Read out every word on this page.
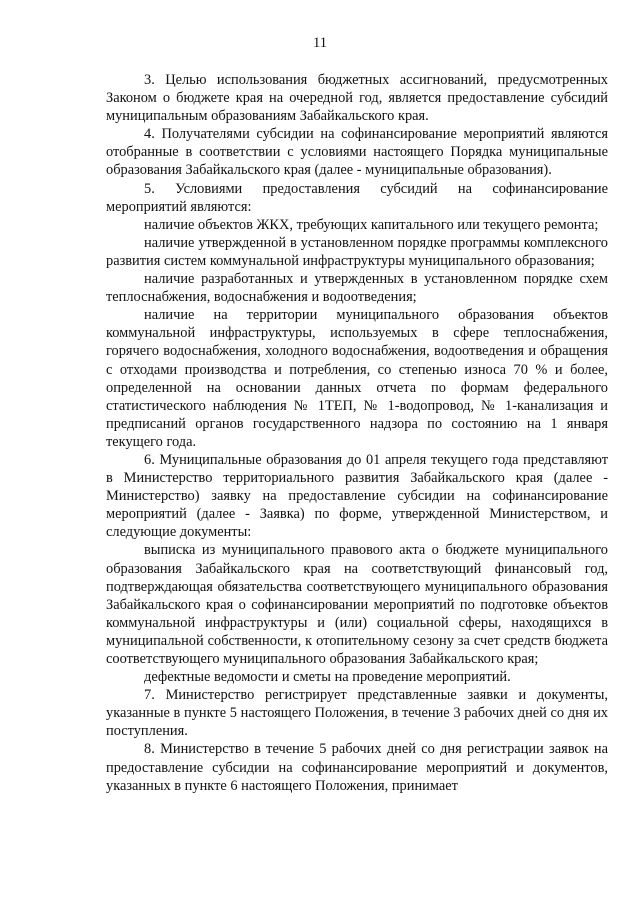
11

3. Целью использования бюджетных ассигнований, предусмотренных Законом о бюджете края на очередной год, является предоставление субсидий муниципальным образованиям Забайкальского края.

4. Получателями субсидии на софинансирование мероприятий являются отобранные в соответствии с условиями настоящего Порядка муниципальные образования Забайкальского края (далее - муниципальные образования).

5. Условиями предоставления субсидий на софинансирование мероприятий являются:

наличие объектов ЖКХ, требующих капитального или текущего ремонта;

наличие утвержденной в установленном порядке программы комплексного развития систем коммунальной инфраструктуры муниципального образования;

наличие разработанных и утвержденных в установленном порядке схем теплоснабжения, водоснабжения и водоотведения;

наличие на территории муниципального образования объектов коммунальной инфраструктуры, используемых в сфере теплоснабжения, горячего водоснабжения, холодного водоснабжения, водоотведения и обращения с отходами производства и потребления, со степенью износа 70 % и более, определенной на основании данных отчета по формам федерального статистического наблюдения № 1ТЕП, № 1-водопровод, № 1-канализация и предписаний органов государственного надзора по состоянию на 1 января текущего года.

6. Муниципальные образования до 01 апреля текущего года представляют в Министерство территориального развития Забайкальского края (далее - Министерство) заявку на предоставление субсидии на софинансирование мероприятий (далее - Заявка) по форме, утвержденной Министерством, и следующие документы:

выписка из муниципального правового акта о бюджете муниципального образования Забайкальского края на соответствующий финансовый год, подтверждающая обязательства соответствующего муниципального образования Забайкальского края о софинансировании мероприятий по подготовке объектов коммунальной инфраструктуры и (или) социальной сферы, находящихся в муниципальной собственности, к отопительному сезону за счет средств бюджета соответствующего муниципального образования Забайкальского края;

дефектные ведомости и сметы на проведение мероприятий.

7. Министерство регистрирует представленные заявки и документы, указанные в пункте 5 настоящего Положения, в течение 3 рабочих дней со дня их поступления.

8. Министерство в течение 5 рабочих дней со дня регистрации заявок на предоставление субсидии на софинансирование мероприятий и документов, указанных в пункте 6 настоящего Положения, принимает
